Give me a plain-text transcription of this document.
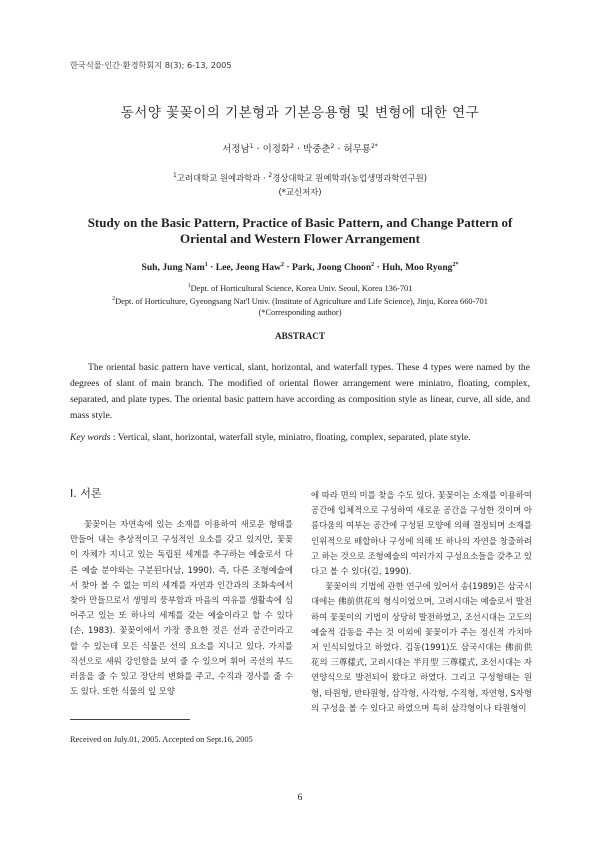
한국식물·인간·환경학회지 8(3); 6-13, 2005
동서양 꽃꽂이의 기본형과 기본응용형 및 변형에 대한 연구
서정남$^1$ · 이정화$^2$ · 박중춘$^2$ · 허무룡$^{2*}$
$^1$고려대학교 원예과학과 · $^2$경상대학교 원예학과(농업생명과학연구원)
(*교신저자)
Study on the Basic Pattern, Practice of Basic Pattern, and Change Pattern of
Oriental and Western Flower Arrangement
Suh, Jung Nam$^1$ · Lee, Jeong Haw$^2$ · Park, Joong Choon$^2$ · Huh, Moo Ryong$^{2*}$
$^1$Dept. of Horticultural Science, Korea Univ. Seoul, Korea 136-701
$^2$Dept. of Horticulture, Gyeongsang Nat'l Univ. (Institute of Agriculture and Life Science), Jinju, Korea 660-701
(*Corresponding author)
ABSTRACT
The oriental basic pattern have vertical, slant, horizontal, and waterfall types. These 4 types were named by the degrees of slant of main branch. The modified of oriental flower arrangement were miniatro, floating, complex, separated, and plate types. The oriental basic pattern have according as composition style as linear, curve, all side, and mass style.
Key words : Vertical, slant, horizontal, waterfall style, miniatro, floating, complex, separated, plate style.
I. 서론
꽃꽂이는 자연속에 있는 소재를 이용하여 새로운 형태를 만들어 내는 추상적이고 구성적인 요소를 갖고 있지만, 꽃꽂이 자체가 지니고 있는 독립된 세계를 추구하는 예술로서 다른 예술 분야와는 구분된다(남, 1990). 즉, 다른 조형예술에서 찾아 볼 수 없는 미의 세계를 자연과 인간과의 조화속에서 찾아 만들므로서 생명의 풍부함과 마음의 여유를 생활속에 심어주고 있는 또 하나의 세계를 갖는 예술이라고 할 수 있다(손, 1983). 꽃꽂이에서 가장 중요한 것은 선과 공간이라고 할 수 있는데 모든 식물은 선의 요소를 지니고 있다. 가지를 직선으로 세워 강인함을 보여 줄 수 있으며 휘어 곡선의 부드러움을 줄 수 있고 장단의 변화를 주고, 수직과 경사를 줄 수도 있다. 또한 식물의 잎 모양

에 따라 면의 미를 찾을 수도 있다. 꽃꽂이는 소재를 이용하여 공간에 입체적으로 구성하여 새로운 공간을 구성한 것이며 아름다움의 여부는 공간에 구성된 모양에 의해 결정되며 소재를 인위적으로 배합하나 구성에 의해 또 하나의 자연을 창출하려고 하는 것으로 조형예술의 여러가지 구성요소들을 갖추고 있다고 볼 수 있다(김, 1990).

꽃꽂이의 기법에 관한 연구에 있어서 송(1989)은 삼국시대에는 佛前供花의 형식이었으며, 고려시대는 예술로서 발전하여 꽃꽂이의 기법이 상당히 발전하였고, 조선시대는 고도의 예술적 감동을 주는 것 이외에 꽃꽂이가 주는 정신적 가치마저 인식되었다고 하였다. 김동(1991)도 삼국시대는 佛前供花의 三尊樣式, 고려시대는 半月型 三尊樣式, 조선시대는 자연양식으로 발전되어 왔다고 하였다. 그리고 구성형태는 원형, 타원형, 반타원형, 삼각형, 사각형, 수직형, 자연형, S자형의 구성을 볼 수 있다고 하였으며 특히 삼각형이나 타원형이

Received on July.01, 2005. Accepted on Sept.16, 2005
6
